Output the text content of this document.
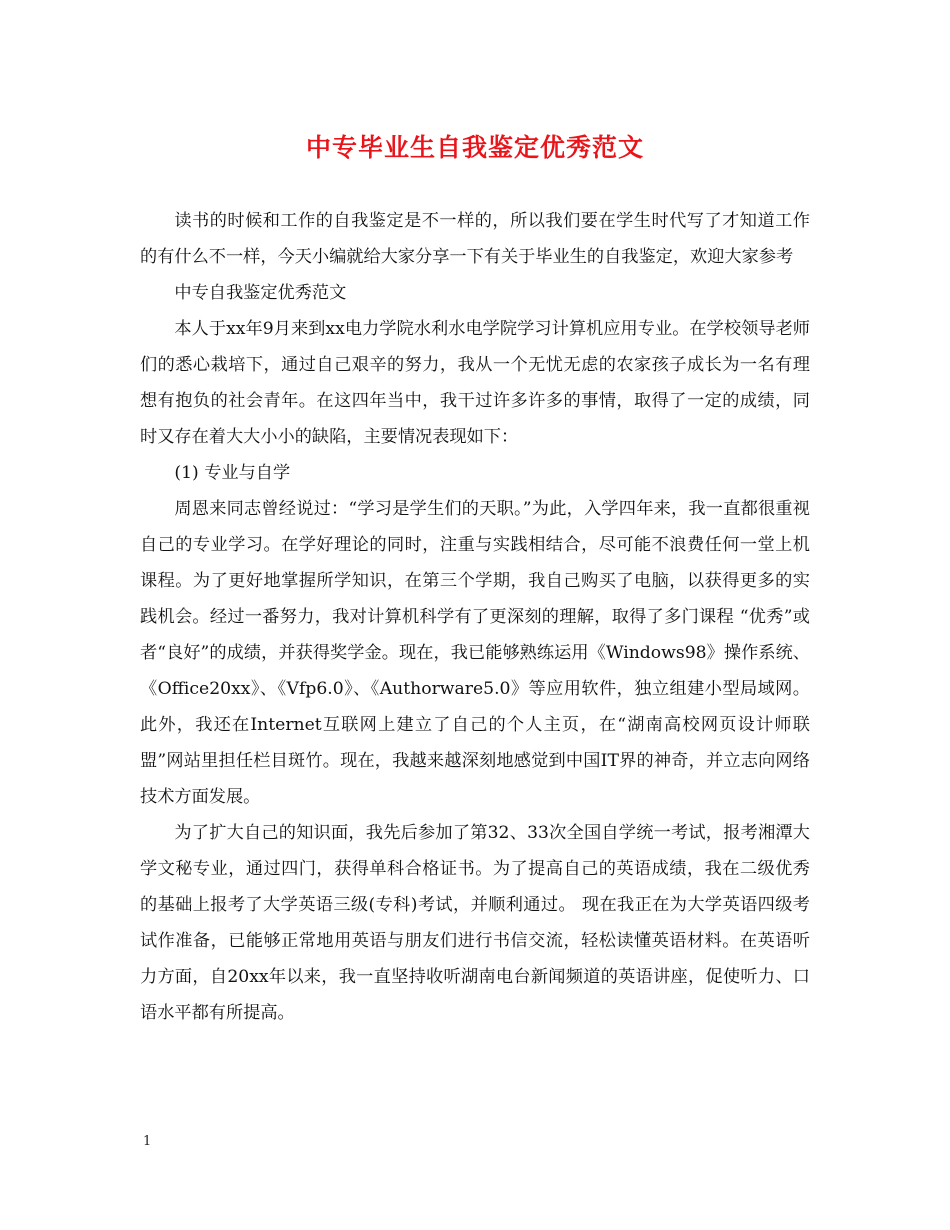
中专毕业生自我鉴定优秀范文

读书的时候和工作的自我鉴定是不一样的，所以我们要在学生时代写了才知道工作的有什么不一样，今天小编就给大家分享一下有关于毕业生的自我鉴定，欢迎大家参考

中专自我鉴定优秀范文

本人于xx年9月来到xx电力学院水利水电学院学习计算机应用专业。在学校领导老师们的悉心栽培下，通过自己艰辛的努力，我从一个无忧无虑的农家孩子成长为一名有理想有抱负的社会青年。在这四年当中，我干过许多许多的事情，取得了一定的成绩，同时又存在着大大小小的缺陷，主要情况表现如下：

(1) 专业与自学

周恩来同志曾经说过：“学习是学生们的天职。”为此，入学四年来，我一直都很重视自己的专业学习。在学好理论的同时，注重与实践相结合，尽可能不浪费任何一堂上机课程。为了更好地掌握所学知识，在第三个学期，我自己购买了电脑，以获得更多的实践机会。经过一番努力，我对计算机科学有了更深刻的理解，取得了多门课程 “优秀”或者“良好”的成绩，并获得奖学金。现在，我已能够熟练运用《Windows98》操作系统、《Office20xx》、《Vfp6.0》、《Authorware5.0》等应用软件，独立组建小型局域网。此外，我还在Internet互联网上建立了自己的个人主页，在“湖南高校网页设计师联盟”网站里担任栏目斑竹。现在，我越来越深刻地感觉到中国IT界的神奇，并立志向网络技术方面发展。

为了扩大自己的知识面，我先后参加了第32、33次全国自学统一考试，报考湘潭大学文秘专业，通过四门，获得单科合格证书。为了提高自己的英语成绩，我在二级优秀的基础上报考了大学英语三级(专科)考试，并顺利通过。 现在我正在为大学英语四级考试作准备，已能够正常地用英语与朋友们进行书信交流，轻松读懂英语材料。在英语听力方面，自20xx年以来，我一直坚持收听湖南电台新闻频道的英语讲座，促使听力、口语水平都有所提高。

1
